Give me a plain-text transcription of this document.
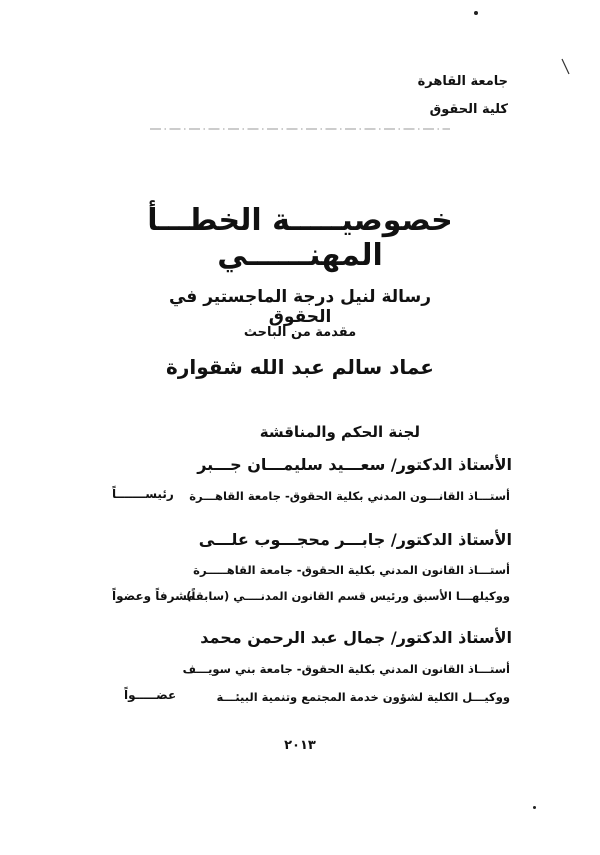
جامعة القاهرة
كلية الحقوق
خصوصيـــــة الخطـــأ المهنــــــي
رسالة لنيل درجة الماجستير في الحقوق
مقدمة من الباحث
عماد سالم عبد الله شقوارة
لجنة الحكم والمناقشة
الأستاذ الدكتور/ سعـــيد سليمـــان جـــبر
أستـــاذ القانـــون المدني بكلية الحقوق- جامعة القاهـــرة
رئيســـــــاً
الأستاذ الدكتور/ جابـــر محجـــوب علـــى
أستـــاذ القانون المدني بكلية الحقوق- جامعة القاهـــــرة
ووكيلهـــا الأسبق ورئيس قسم القانون المدنــــي (سابقاً)
مشرفاً وعضواً
الأستاذ الدكتور/ جمال عبد الرحمن محمد
أستـــاذ القانون المدني بكلية الحقوق- جامعة بني سويـــف
ووكيـــل الكلية لشؤون خدمة المجتمع وتنمية البيئـــة
عضـــــواً
٢٠١٣
